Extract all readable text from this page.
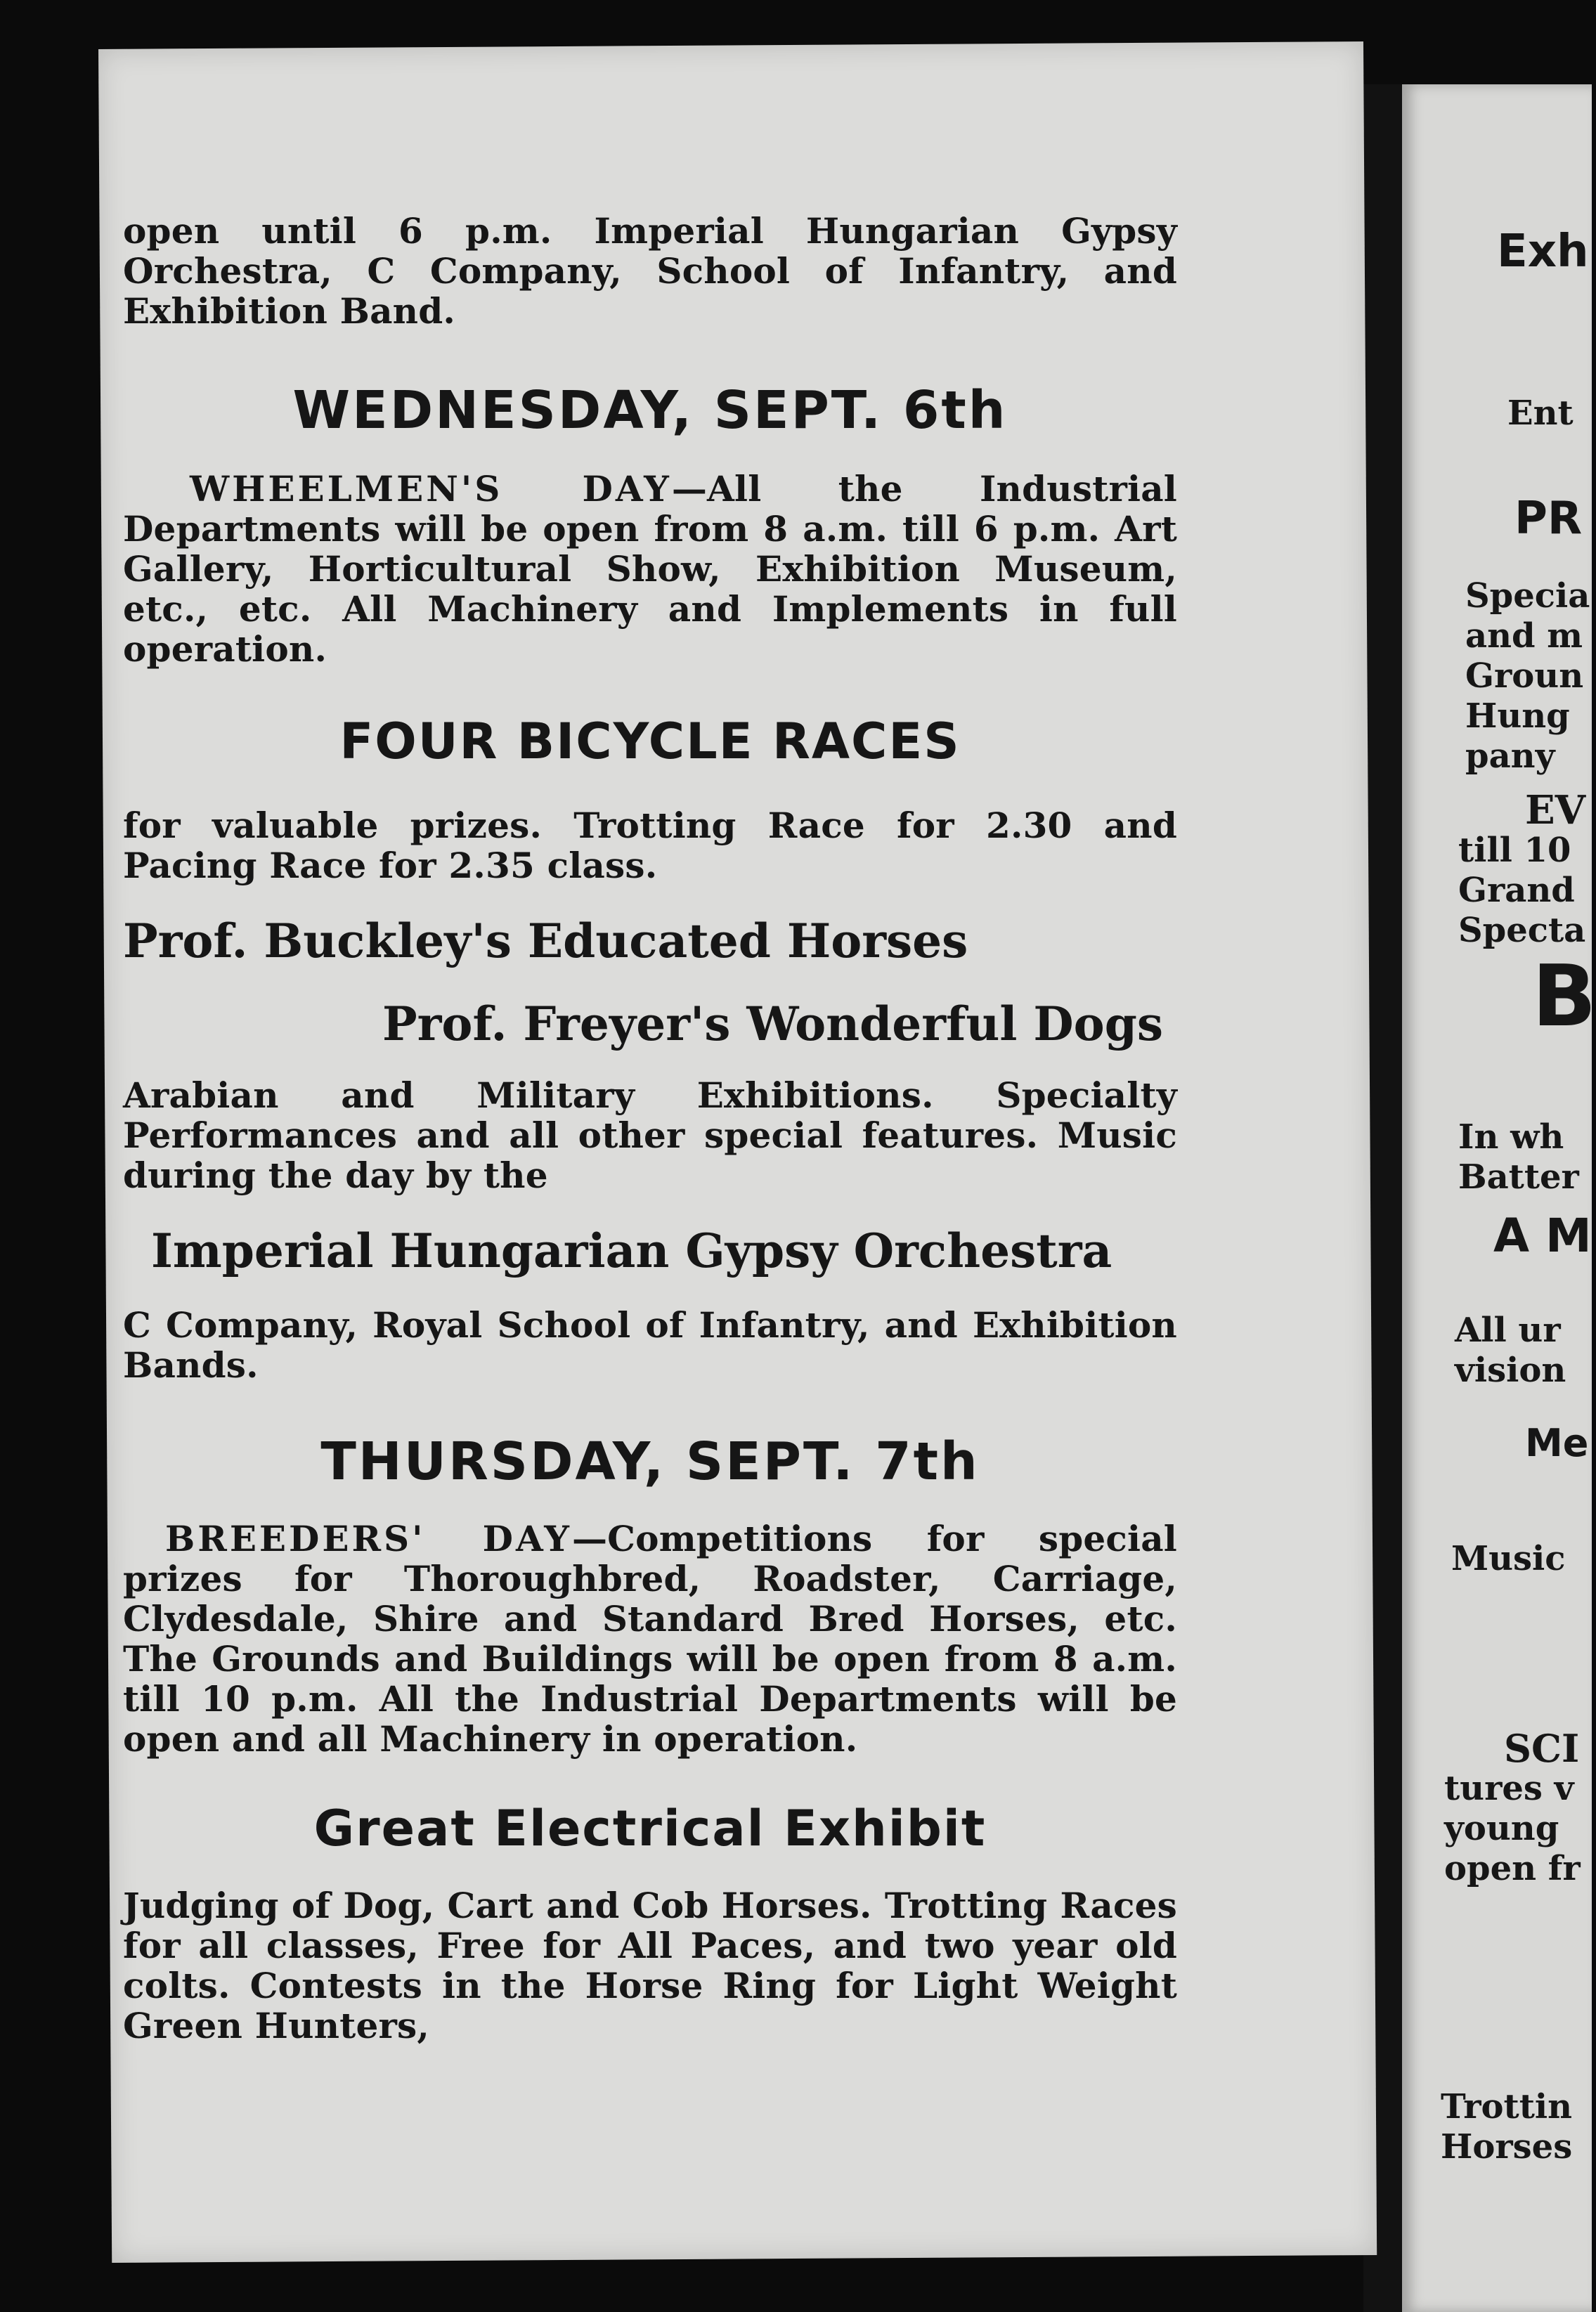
open until 6 p.m. Imperial Hungarian Gypsy Orchestra, C Company, School of Infantry, and Exhibition Band.

WEDNESDAY, SEPT. 6th

WHEELMEN'S DAY—All the Industrial Departments will be open from 8 a.m. till 6 p.m. Art Gallery, Horticultural Show, Exhibition Museum, etc., etc. All Machinery and Implements in full operation.

FOUR BICYCLE RACES

for valuable prizes. Trotting Race for 2.30 and Pacing Race for 2.35 class.

Prof. Buckley's Educated Horses

Prof. Freyer's Wonderful Dogs

Arabian and Military Exhibitions. Specialty Performances and all other special features. Music during the day by the

Imperial Hungarian Gypsy Orchestra

C Company, Royal School of Infantry, and Exhibition Bands.

THURSDAY, SEPT. 7th

BREEDERS' DAY—Competitions for special prizes for Thoroughbred, Roadster, Carriage, Clydesdale, Shire and Standard Bred Horses, etc. The Grounds and Buildings will be open from 8 a.m. till 10 p.m. All the Industrial Departments will be open and all Machinery in operation.

Great Electrical Exhibit

Judging of Dog, Cart and Cob Horses. Trotting Races for all classes, Free for All Paces, and two year old colts. Contests in the Horse Ring for Light Weight Green Hunters,

Exh
Ent
PR
Specia
and m
Groun
Hung
pany
EV
till 10
Grand
Specta
B
In wh
Batter
A M
All ur
vision
Me
Music
SCI
tures v
young
open fr
Trottin
Horses
